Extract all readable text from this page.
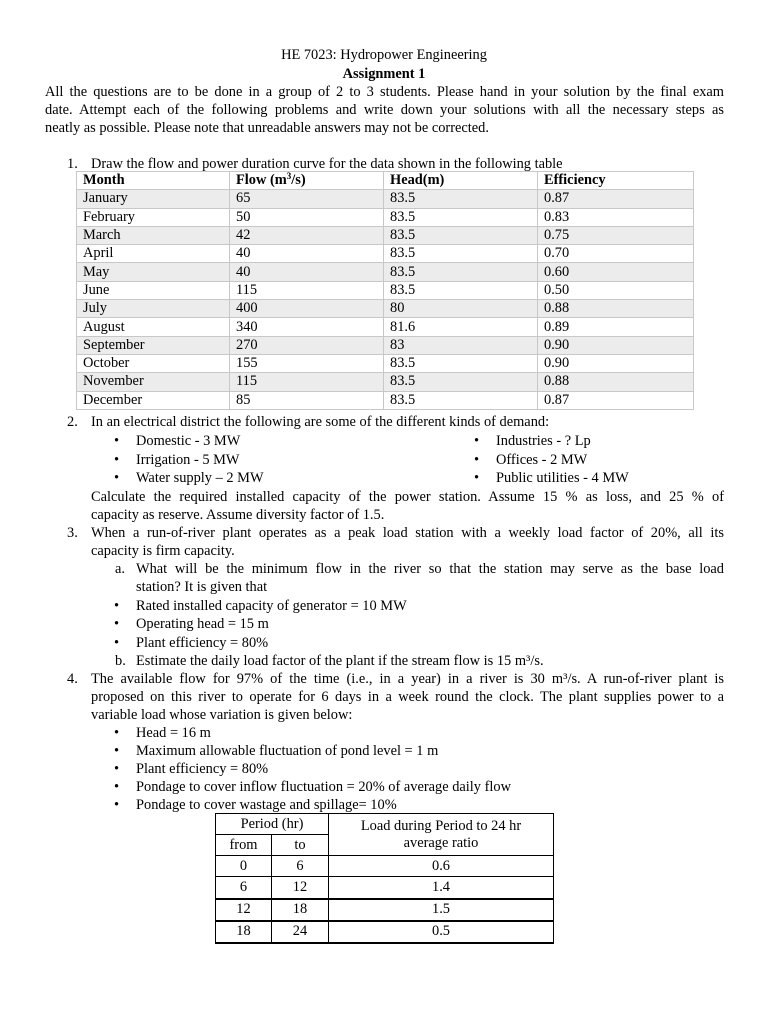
HE 7023: Hydropower Engineering
Assignment 1

All the questions are to be done in a group of 2 to 3 students. Please hand in your solution by the final exam

date. Attempt each of the following problems and write down your solutions with all the necessary steps as

neatly as possible. Please note that unreadable answers may not be corrected.

1. Draw the flow and power duration curve for the data shown in the following table
Month	Flow $(m^3/s)$	Head(m)	Efficiency
January	65	83.5	0.87
February	50	83.5	0.83
March	42	83.5	0.75
April	40	83.5	0.70
May	40	83.5	0.60
June	115	83.5	0.50
July	400	80	0.88
August	340	81.6	0.89
September	270	83	0.90
October	155	83.5	0.90
November	115	83.5	0.88
December	85	83.5	0.87
2. In an electrical district the following are some of the different kinds of demand:
• Domestic - 3 MW
• Irrigation - 5 MW
• Water supply – 2 MW
• Industries - ? Lp
• Offices - 2 MW
• Public utilities - 4 MW

Calculate the required installed capacity of the power station. Assume 15 % as loss, and 25 % of

capacity as reserve. Assume diversity factor of 1.5.

3. When a run-of-river plant operates as a peak load station with a weekly load factor of 20%, all its

capacity is firm capacity.

a. What will be the minimum flow in the river so that the station may serve as the base load

station? It is given that

• Rated installed capacity of generator = 10 MW
• Operating head = 15 m
• Plant efficiency = 80%
b. Estimate the daily load factor of the plant if the stream flow is 15 m³/s.

4. The available flow for 97% of the time (i.e., in a year) in a river is 30 m³/s. A run-of-river plant is

proposed on this river to operate for 6 days in a week round the clock. The plant supplies power to a

variable load whose variation is given below:

• Head = 16 m
• Maximum allowable fluctuation of pond level = 1 m
• Plant efficiency = 80%
• Pondage to cover inflow fluctuation = 20% of average daily flow
• Pondage to cover wastage and spillage= 10%
Period (hr)		Load during Period to 24 hr
average ratio

from	to	
0	6	0.6
6	12	1.4
12	18	1.5
18	24	0.5
